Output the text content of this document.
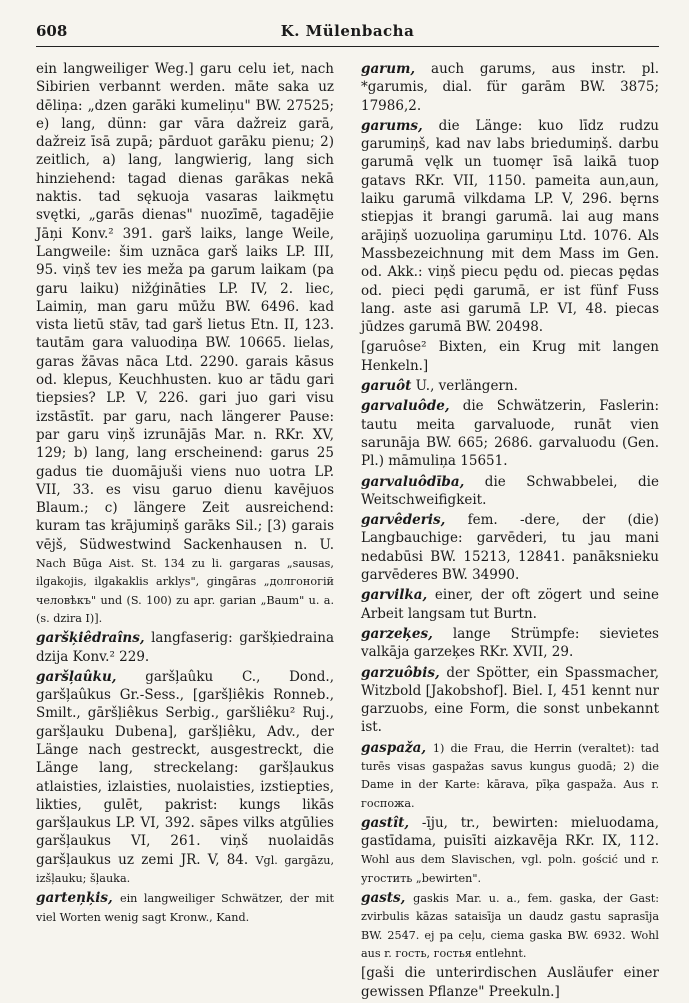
608	K. Mülenbacha

ein langweiliger Weg.] garu celu iet, nach Sibirien verbannt werden. māte saka uz dēliņa: „dzen garāki kumeliņu" BW. 27525; e) lang, dünn: gar vāra dažreiz garā, dažreiz īsā zupā; pārduot garāku pienu; 2) zeitlich, a) lang, langwierig, lang sich hinziehend: tagad dienas garākas nekā naktis. tad sękuoja vasaras laikmętu svętki, „garās dienas" nuozīmē, tagadējie Jāņi Konv.² 391. garš laiks, lange Weile, Langweile: šim uznāca garš laiks LP. III, 95. viņš tev ies meža pa garum laikam (pa garu laiku) nižģināties LP. IV, 2. liec, Laimiņ, man garu mūžu BW. 6496. kad vista lietū stāv, tad garš lietus Etn. II, 123. tautām gara valuodiņa BW. 10665. lielas, garas žāvas nāca Ltd. 2290. garais kāsus od. klepus, Keuchhusten. kuo ar tādu gari tiepsies? LP. V, 226. gari juo gari visu izstāstīt. par garu, nach längerer Pause: par garu viņš izrunājās Mar. n. RKr. XV, 129; b) lang, lang erscheinend: garus 25 gadus tie duomājuši viens nuo uotra LP. VII, 33. es visu garuo dienu kavējuos Blaum.; c) längere Zeit ausreichend: kuram tas krājumiņš garāks Sil.; [3) garais vējš, Südwestwind Sackenhausen n. U. Nach Būga Aist. St. 134 zu li. gargaras „sausas, ilgakojis, ilgakaklis arklys", gingāras „долгоногій человѣкъ" und (S. 100) zu apr. garian „Baum" u. a. (s. dzira I)].

garšķiêdraîns, langfaserig: garšķiedraina dzija Konv.² 229.

garšļaûku, garšļaûku C., Dond., garšļaûkus Gr.-Sess., [garšļiêkis Ronneb., Smilt., gāršļiêkus Serbig., garšliêku² Ruj., garšļauku Dubena], garšļiêku, Adv., der Länge nach gestreckt, ausgestreckt, die Länge lang, streckelang: garšļaukus atlaisties, izlaisties, nuolaisties, izstiepties, likties, gulēt, pakrist: kungs likās garšļaukus LP. VI, 392. sāpes vilks atgūlies garšļaukus VI, 261. viņš nuolaidās garšļaukus uz zemi JR. V, 84. Vgl. gargāzu, izšļauku; šļauka.

garteņķis, ein langweiliger Schwätzer, der mit viel Worten wenig sagt Kronw., Kand.

garum, auch garums, aus instr. pl. *garumis, dial. für garām BW. 3875; 17986,2.

garums, die Länge: kuo līdz rudzu garumiņš, kad nav labs briedumiņš. darbu garumā vęlk un tuomęr īsā laikā tuop gatavs RKr. VII, 1150. pameita aun,aun, laiku garumā vilkdama LP. V, 296. bęrns stiepjas it brangi garumā. lai aug mans arājiņš uozuoliņa garumiņu Ltd. 1076. Als Massbezeichnung mit dem Mass im Gen. od. Akk.: viņš piecu pędu od. piecas pędas od. pieci pędi garumā, er ist fünf Fuss lang. aste asi garumā LP. VI, 48. piecas jūdzes garumā BW. 20498.

[garuôse² Bixten, ein Krug mit langen Henkeln.]

garuôt U., verlängern.

garvaluôde, die Schwätzerin, Faslerin: tautu meita garvaluode, runāt vien sarunāja BW. 665; 2686. garvaluodu (Gen. Pl.) māmuliņa 15651.

garvaluôdība, die Schwabbelei, die Weitschweifigkeit.

garvêderis, fem. -dere, der (die) Langbauchige: garvēderi, tu jau mani nedabūsi BW. 15213, 12841. panāksnieku garvēderes BW. 34990.

garvilka, einer, der oft zögert und seine Arbeit langsam tut Burtn.

garzeķes, lange Strümpfe: sievietes valkāja garzeķes RKr. XVII, 29.

garzuôbis, der Spötter, ein Spassmacher, Witzbold [Jakobshof]. Biel. I, 451 kennt nur garzuobs, eine Form, die sonst unbekannt ist.

gaspaža, 1) die Frau, die Herrin (veraltet): tad turēs visas gaspažas savus kungus guodā; 2) die Dame in der Karte: kārava, pīķa gaspaža. Aus r. госпожа.

gastît, -īju, tr., bewirten: mieluodama, gastīdama, puisīti aizkavēja RKr. IX, 112. Wohl aus dem Slavischen, vgl. poln. gościć und r. угостить „bewirten".

gasts, gaskis Mar. u. a., fem. gaska, der Gast: zvirbulis kāzas sataisīja un daudz gastu saprasīja BW. 2547. ej pa ceļu, ciema gaska BW. 6932. Wohl aus r. гость, гостья entlehnt.

[gaši die unterirdischen Ausläufer einer gewissen Pflanze" Preekuln.]
